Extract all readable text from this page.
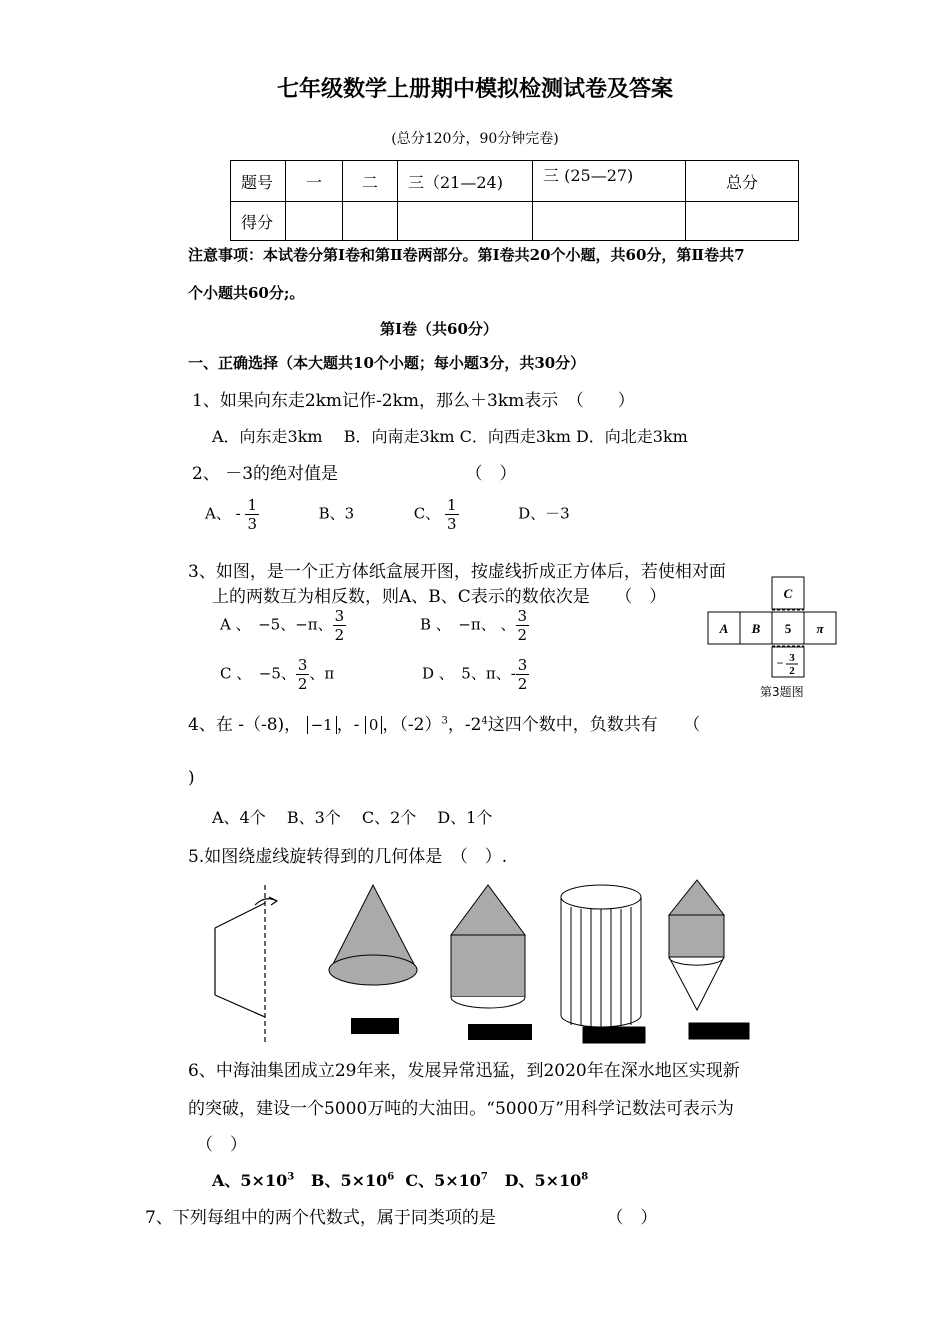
七年级数学上册期中模拟检测试卷及答案
(总分120分，90分钟完卷)
题号	一	二	三（21—24)	三 (25—27)	总分
得分					
注意事项：本试卷分第Ⅰ卷和第Ⅱ卷两部分。第Ⅰ卷共20个小题，共60分，第Ⅱ卷共7
个小题共60分;。
第Ⅰ卷（共60分）
一、正确选择（本大题共10个小题；每小题3分，共30分）
1、如果向东走2km记作-2km，那么＋3km表示　（　　）
A．向东走3km　 B．向南走3km C．向西走3km D．向北走3km
2、 －3的绝对值是　　　　　　　　（　）
A、 - $\frac{1}{3}$	B、3	C、 $\frac{1}{3}$	D、－3
3、如图，是一个正方体纸盒展开图，按虚线折成正方体后，若使相对面
上的两数互为相反数，则A、B、C表示的数依次是　　（　）
A 、　−5、−π、 $\frac{3}{2}$	B 、　−π、 、 $\frac{3}{2}$
C 、　−5、 $\frac{3}{2}$ 、π	D 、　5、π、- $\frac{3}{2}$
C
A B 5 π
− 3
2
第3题图
4、在 -（-8)， −1 ，- 0 ，$(-2)^3$，$-2^4$这四个数中，负数共有　　（
)
A、4个　 B、3个　 C、2个　 D、1个
5.如图绕虚线旋转得到的几何体是　（　）.
6、中海油集团成立29年来，发展异常迅猛，到2020年在深水地区实现新
的突破，建设一个5000万吨的大油田。“5000万”用科学记数法可表示为
（　）
A、$5\times 10^3$ B、$5\times 10^6$ C、$5\times 10^7$ D、$5\times 10^8$
7、下列每组中的两个代数式，属于同类项的是　　　　　　　（　）
